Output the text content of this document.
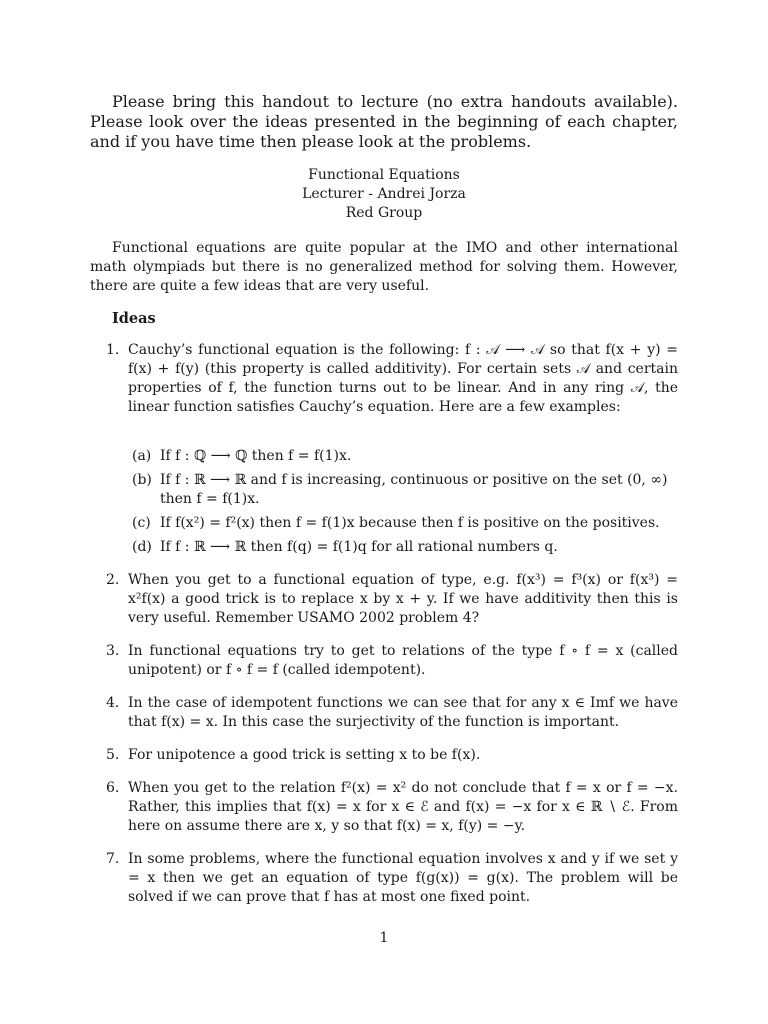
Please bring this handout to lecture (no extra handouts available). Please look over the ideas presented in the beginning of each chapter, and if you have time then please look at the problems.

Functional Equations
Lecturer - Andrei Jorza
Red Group

Functional equations are quite popular at the IMO and other international math olympiads but there is no generalized method for solving them. However, there are quite a few ideas that are very useful.

Ideas
1. Cauchy’s functional equation is the following: f : 𝒜 ⟶ 𝒜 so that f(x + y) = f(x) + f(y) (this property is called additivity). For certain sets 𝒜 and certain properties of f, the function turns out to be linear. And in any ring 𝒜, the linear function satisfies Cauchy’s equation. Here are a few examples:
(a) If f : ℚ ⟶ ℚ then f = f(1)x.
(b) If f : ℝ ⟶ ℝ and f is increasing, continuous or positive on the set (0, ∞) then f = f(1)x.
(c) If f(x²) = f²(x) then f = f(1)x because then f is positive on the positives.
(d) If f : ℝ ⟶ ℝ then f(q) = f(1)q for all rational numbers q.
2. When you get to a functional equation of type, e.g. f(x³) = f³(x) or f(x³) = x²f(x) a good trick is to replace x by x + y. If we have additivity then this is very useful. Remember USAMO 2002 problem 4?
3. In functional equations try to get to relations of the type f ∘ f = x (called unipotent) or f ∘ f = f (called idempotent).
4. In the case of idempotent functions we can see that for any x ∈ Imf we have that f(x) = x. In this case the surjectivity of the function is important.
5. For unipotence a good trick is setting x to be f(x).
6. When you get to the relation f²(x) = x² do not conclude that f = x or f = −x. Rather, this implies that f(x) = x for x ∈ ℰ and f(x) = −x for x ∈ ℝ ∖ ℰ. From here on assume there are x, y so that f(x) = x, f(y) = −y.
7. In some problems, where the functional equation involves x and y if we set y = x then we get an equation of type f(g(x)) = g(x). The problem will be solved if we can prove that f has at most one fixed point.
1
